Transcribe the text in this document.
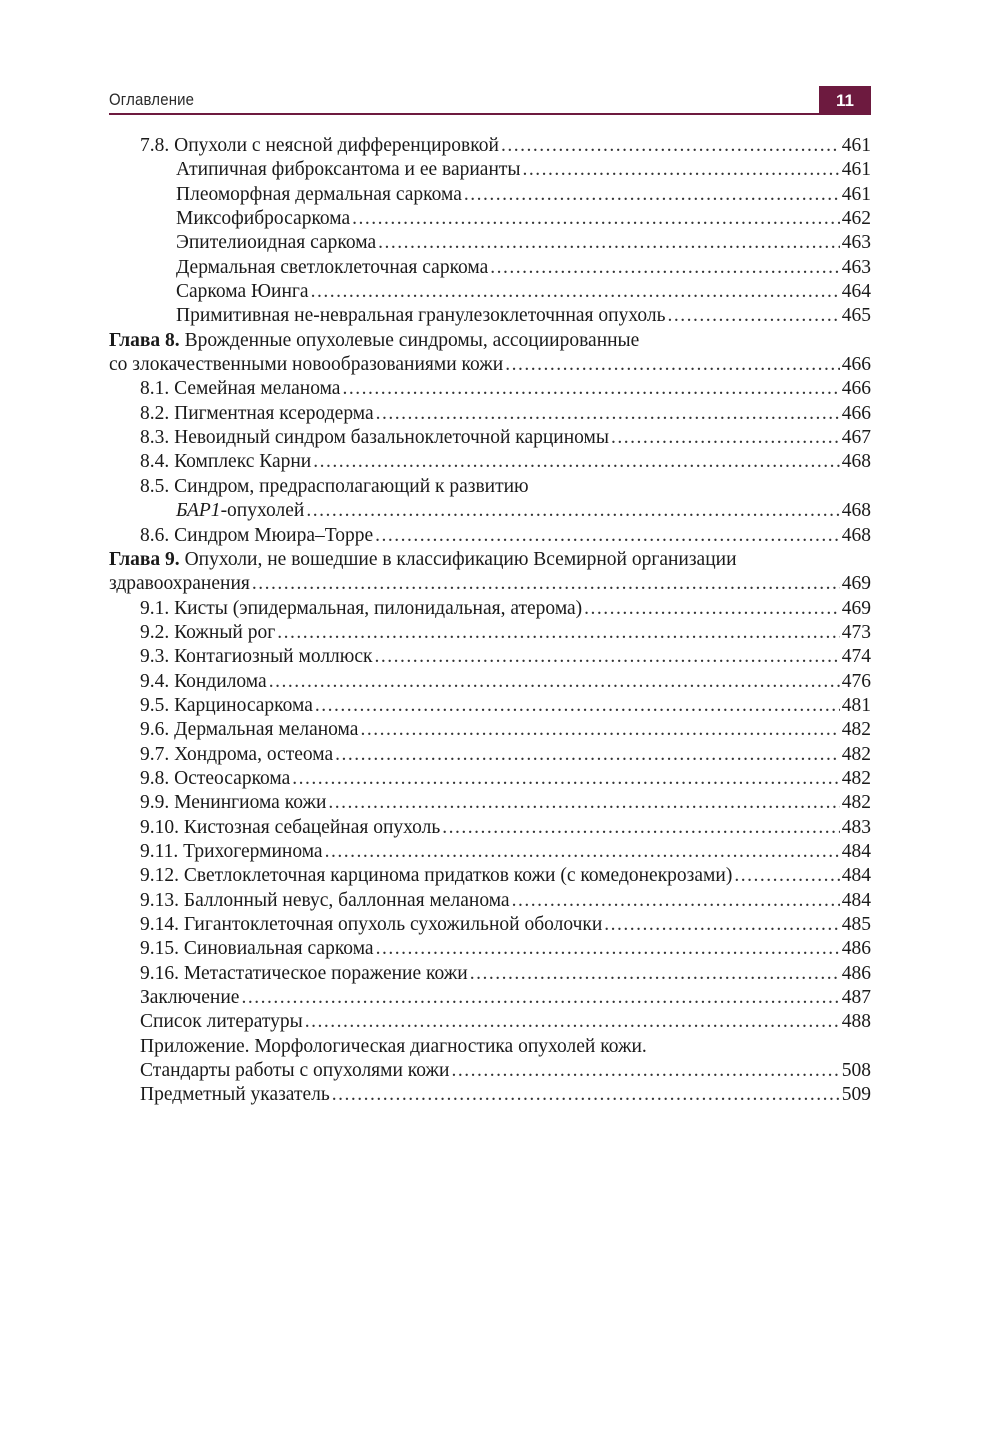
Оглавление	11
7.8. Опухоли с неясной дифференцировкой .....	461
Атипичная фиброксантома и ее варианты .....	461
Плеоморфная дермальная саркома .....	461
Миксофибросаркома .....	462
Эпителиоидная саркома .....	463
Дермальная светлоклеточная саркома .....	463
Саркома Юинга .....	464
Примитивная не-невральная гранулезоклеточнная опухоль .....	465
Глава 8. Врожденные опухолевые синдромы, ассоциированные
со злокачественными новообразованиями кожи .....	466
8.1. Семейная меланома .....	466
8.2. Пигментная ксеродерма .....	466
8.3. Невоидный синдром базальноклеточной карциномы .....	467
8.4. Комплекс Карни .....	468
8.5. Синдром, предрасполагающий к развитию
БАР1-опухолей .....	468
8.6. Синдром Мюира–Торре .....	468
Глава 9. Опухоли, не вошедшие в классификацию Всемирной организации
здравоохранения .....	469
9.1. Кисты (эпидермальная, пилонидальная, атерома) .....	469
9.2. Кожный рог .....	473
9.3. Контагиозный моллюск .....	474
9.4. Кондилома .....	476
9.5. Карциносаркома .....	481
9.6. Дермальная меланома .....	482
9.7. Хондрома, остеома .....	482
9.8. Остеосаркома .....	482
9.9. Менингиома кожи .....	482
9.10. Кистозная себацейная опухоль .....	483
9.11. Трихогерминома .....	484
9.12. Светлоклеточная карцинома придатков кожи (с комедонекрозами) .....	484
9.13. Баллонный невус, баллонная меланома .....	484
9.14. Гигантоклеточная опухоль сухожильной оболочки .....	485
9.15. Синовиальная саркома .....	486
9.16. Метастатическое поражение кожи .....	486
Заключение .....	487
Список литературы .....	488
Приложение. Морфологическая диагностика опухолей кожи.
Стандарты работы с опухолями кожи .....	508
Предметный указатель .....	509
